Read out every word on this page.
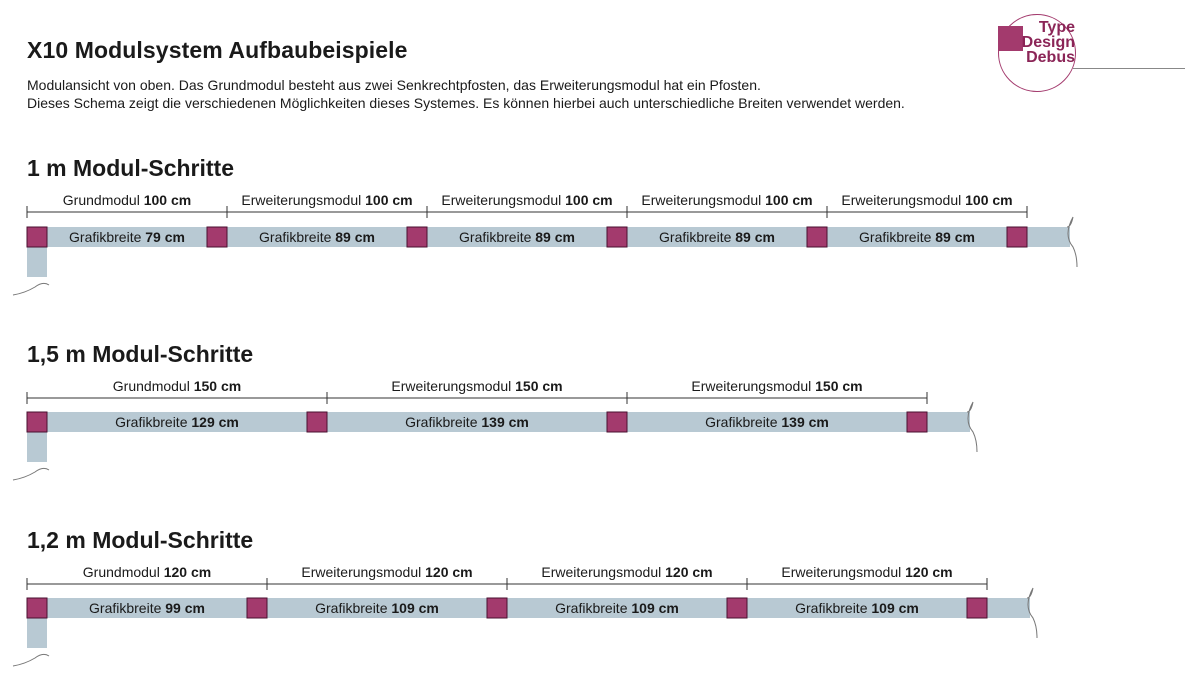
X10 Modulsystem Aufbaubeispiele

Modulansicht von oben. Das Grundmodul besteht aus zwei Senkrechtpfosten, das Erweiterungsmodul hat ein Pfosten.

Dieses Schema zeigt die verschiedenen Möglichkeiten dieses Systemes. Es können hierbei auch unterschiedliche Breiten verwendet werden.

Type
Design
Debus
1 m Modul-Schritte
Grundmodul 100 cm	Erweiterungsmodul 100 cm Erweiterungsmodul 100 cm Erweiterungsmodul 100 cm Erweiterungsmodul 100 cm
Grafikbreite 79 cm	Grafikbreite 89 cm	Grafikbreite 89 cm	Grafikbreite 89 cm	Grafikbreite 89 cm
1,5 m Modul-Schritte
Grundmodul 150 cm	Erweiterungsmodul 150 cm	Erweiterungsmodul 150 cm
Grafikbreite 129 cm	Grafikbreite 139 cm	Grafikbreite 139 cm
1,2 m Modul-Schritte
Grundmodul 120 cm	Erweiterungsmodul 120 cm	Erweiterungsmodul 120 cm	Erweiterungsmodul 120 cm
Grafikbreite 99 cm	Grafikbreite 109 cm	Grafikbreite 109 cm	Grafikbreite 109 cm
